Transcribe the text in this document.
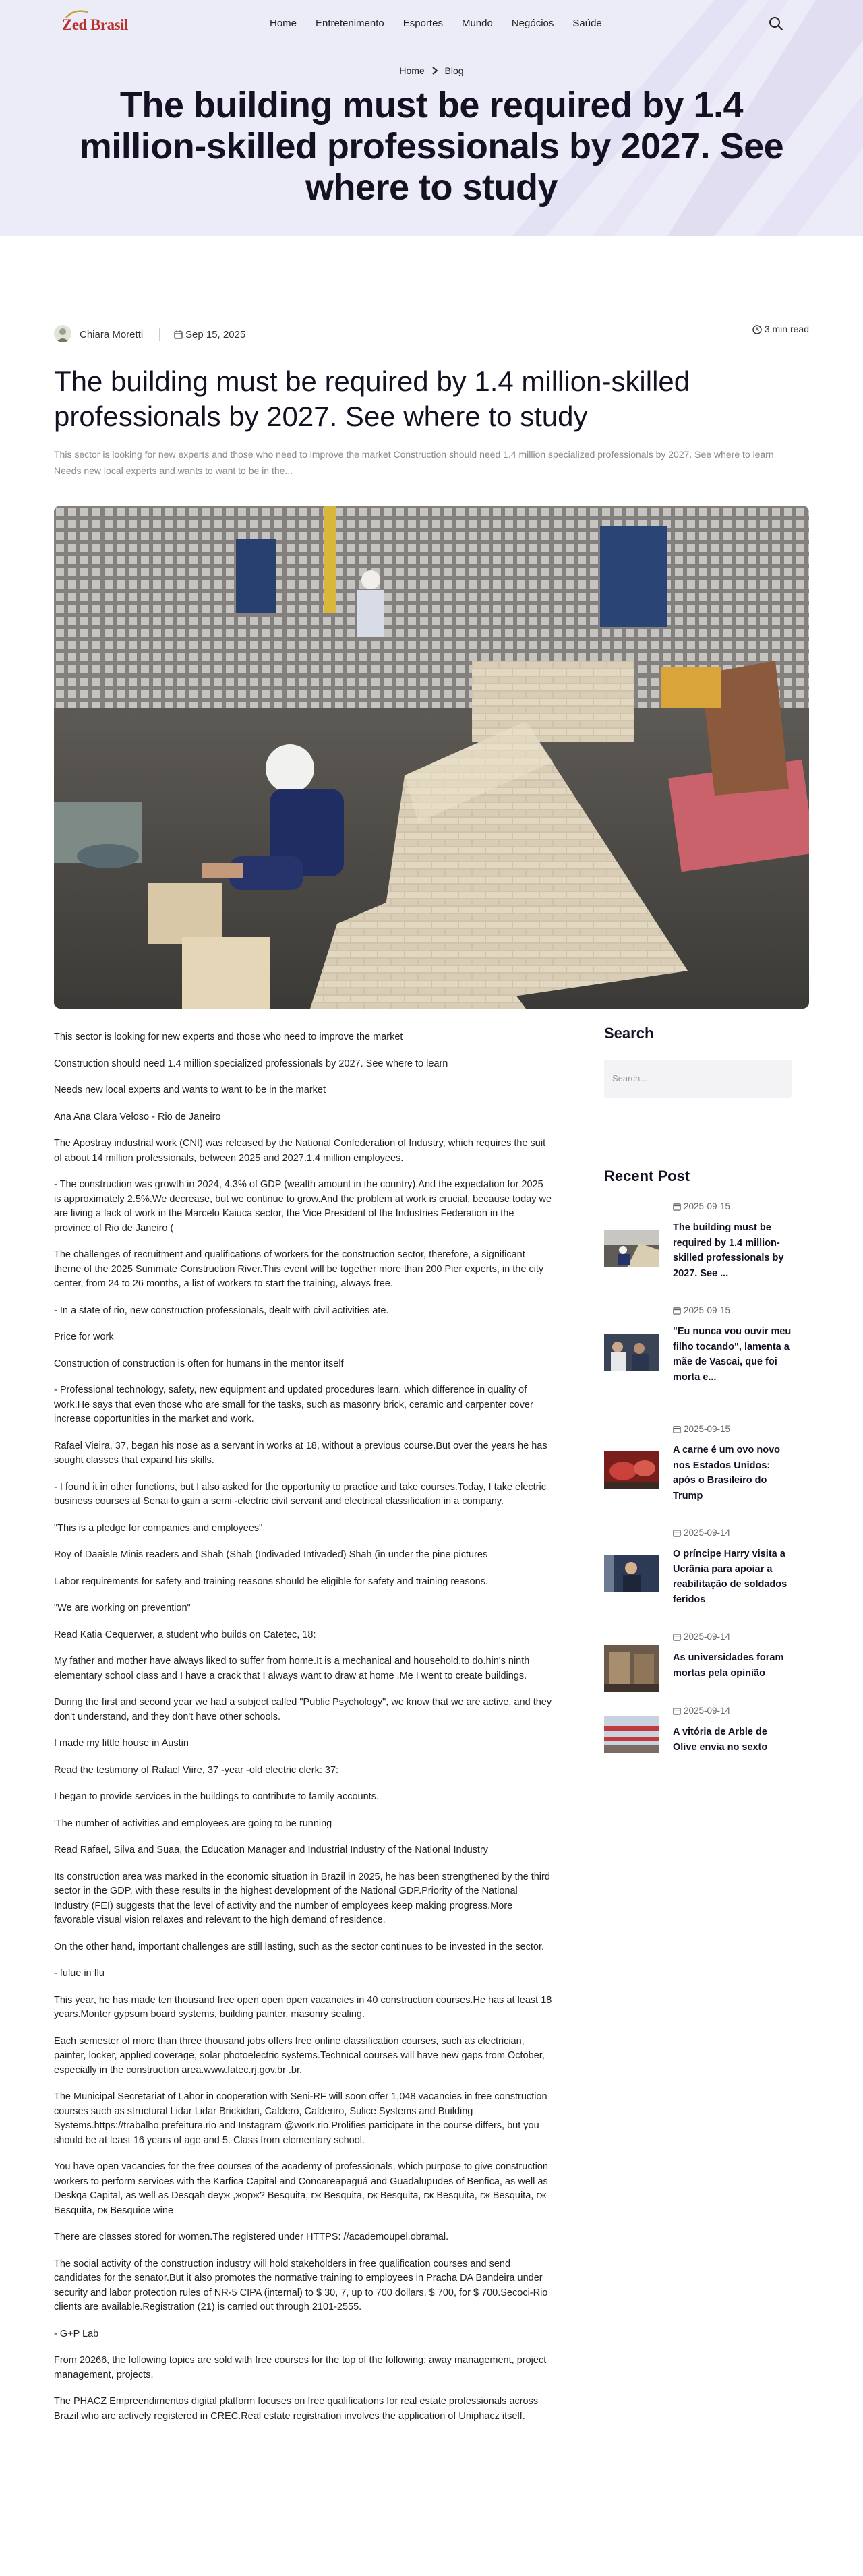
Zed Brasil	Home Entretenimento Esportes Mundo Negócios Saúde
Home Blog
The building must be required by 1.4 million-skilled professionals by 2027. See where to study
Chiara Moretti	Sep 15, 2025	3 min read
The building must be required by 1.4 million-skilled professionals by 2027. See where to study
This sector is looking for new experts and those who need to improve the market Construction should need 1.4 million specialized professionals by 2027. See where to learn Needs new local experts and wants to want to be in the...

This sector is looking for new experts and those who need to improve the market

Construction should need 1.4 million specialized professionals by 2027. See where to learn

Needs new local experts and wants to want to be in the market

Ana Ana Clara Veloso - Rio de Janeiro

The Apostray industrial work (CNI) was released by the National Confederation of Industry, which requires the suit of about 14 million professionals, between 2025 and 2027.1.4 million employees.

- The construction was growth in 2024, 4.3% of GDP (wealth amount in the country).And the expectation for 2025 is approximately 2.5%.We decrease, but we continue to grow.And the problem at work is crucial, because today we are living a lack of work in the Marcelo Kaiuca sector, the Vice President of the Industries Federation in the province of Rio de Janeiro (

The challenges of recruitment and qualifications of workers for the construction sector, therefore, a significant theme of the 2025 Summate Construction River.This event will be together more than 200 Pier experts, in the city center, from 24 to 26 months, a list of workers to start the training, always free.

- In a state of rio, new construction professionals, dealt with civil activities ate.

Price for work

Construction of construction is often for humans in the mentor itself

- Professional technology, safety, new equipment and updated procedures learn, which difference in quality of work.He says that even those who are small for the tasks, such as masonry brick, ceramic and carpenter cover increase opportunities in the market and work.

Rafael Vieira, 37, began his nose as a servant in works at 18, without a previous course.But over the years he has sought classes that expand his skills.

- I found it in other functions, but I also asked for the opportunity to practice and take courses.Today, I take electric business courses at Senai to gain a semi -electric civil servant and electrical classification in a company.

"This is a pledge for companies and employees"

Roy of Daaisle Minis readers and Shah (Shah (Indivaded Intivaded) Shah (in under the pine pictures

Labor requirements for safety and training reasons should be eligible for safety and training reasons.

"We are working on prevention"

Read Katia Cequerwer, a student who builds on Catetec, 18:

My father and mother have always liked to suffer from home.It is a mechanical and household.to do.hin's ninth elementary school class and I have a crack that I always want to draw at home .Me I went to create buildings.

During the first and second year we had a subject called "Public Psychology", we know that we are active, and they don't understand, and they don't have other schools.

I made my little house in Austin

Read the testimony of Rafael Viire, 37 -year -old electric clerk: 37:

I began to provide services in the buildings to contribute to family accounts.

'The number of activities and employees are going to be running

Read Rafael, Silva and Suaa, the Education Manager and Industrial Industry of the National Industry

Its construction area was marked in the economic situation in Brazil in 2025, he has been strengthened by the third sector in the GDP, with these results in the highest development of the National GDP.Priority of the National Industry (FEI) suggests that the level of activity and the number of employees keep making progress.More favorable visual vision relaxes and relevant to the high demand of residence.

On the other hand, important challenges are still lasting, such as the sector continues to be invested in the sector.

- fulue in flu

This year, he has made ten thousand free open open open vacancies in 40 construction courses.He has at least 18 years.Monter gypsum board systems, building painter, masonry sealing.

Each semester of more than three thousand jobs offers free online classification courses, such as electrician, painter, locker, applied coverage, solar photoelectric systems.Technical courses will have new gaps from October, especially in the construction area.www.fatec.rj.gov.br .br.

The Municipal Secretariat of Labor in cooperation with Seni-RF will soon offer 1,048 vacancies in free construction courses such as structural Lidar Lidar Brickidari, Caldero, Calderiro, Sulice Systems and Building Systems.https://trabalho.prefeitura.rio and Instagram @work.rio.Prolifies participate in the course differs, but you should be at least 16 years of age and 5. Class from elementary school.

You have open vacancies for the free courses of the academy of professionals, which purpose to give construction workers to perform services with the Karfica Capital and Concareapaguá and Guadalupudes of Benfica, as well as Deskqa Capital, as well as Desqah deyж ,жорж? Besquita, гж Besquita, гж Besquita, гж Besquita, гж Besquita, гж Besquita, гж Besquice wine

There are classes stored for women.The registered under HTTPS: //academoupel.obramal.

The social activity of the construction industry will hold stakeholders in free qualification courses and send candidates for the senator.But it also promotes the normative training to employees in Pracha DA Bandeira under security and labor protection rules of NR-5 CIPA (internal) to $ 30, 7, up to 700 dollars, $ 700, for $ 700.Secoci-Rio clients are available.Registration (21) is carried out through 2101-2555.

- G+P Lab

From 20266, the following topics are sold with free courses for the top of the following: away management, project management, projects.

The PHACZ Empreendimentos digital platform focuses on free qualifications for real estate professionals across Brazil who are actively registered in CREC.Real estate registration involves the application of Uniphacz itself.

Search
Search...
Recent Post
2025-09-15
The building must be required by 1.4 million-skilled professionals by 2027. See ...
2025-09-15
"Eu nunca vou ouvir meu filho tocando", lamenta a mãe de Vascai, que foi morta e...
2025-09-15
A carne é um ovo novo nos Estados Unidos: após o Brasileiro do Trump
2025-09-14
O príncipe Harry visita a Ucrânia para apoiar a reabilitação de soldados feridos
2025-09-14
As universidades foram mortas pela opinião
2025-09-14
A vitória de Arble de Olive envia no sexto
